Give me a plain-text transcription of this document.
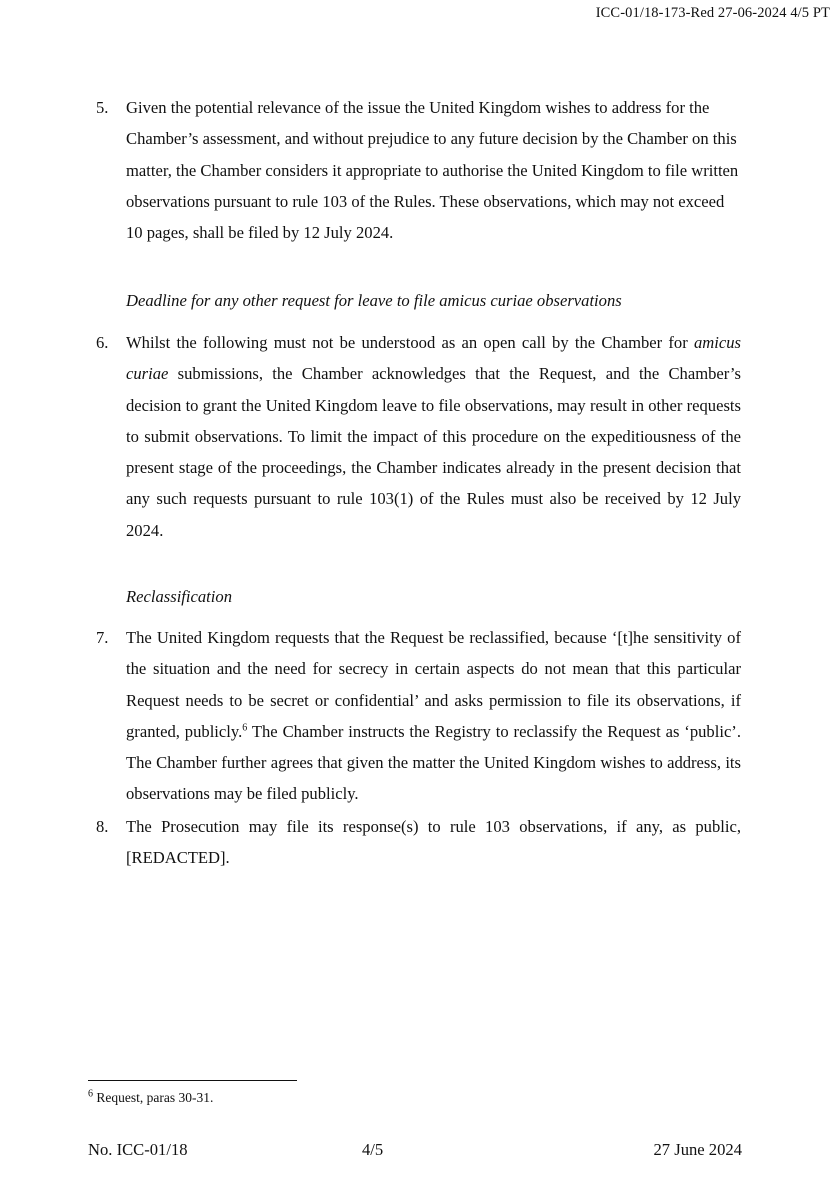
ICC-01/18-173-Red 27-06-2024 4/5 PT
5. Given the potential relevance of the issue the United Kingdom wishes to address for the Chamber’s assessment, and without prejudice to any future decision by the Chamber on this matter, the Chamber considers it appropriate to authorise the United Kingdom to file written observations pursuant to rule 103 of the Rules. These observations, which may not exceed 10 pages, shall be filed by 12 July 2024.
Deadline for any other request for leave to file amicus curiae observations
6. Whilst the following must not be understood as an open call by the Chamber for amicus curiae submissions, the Chamber acknowledges that the Request, and the Chamber’s decision to grant the United Kingdom leave to file observations, may result in other requests to submit observations. To limit the impact of this procedure on the expeditiousness of the present stage of the proceedings, the Chamber indicates already in the present decision that any such requests pursuant to rule 103(1) of the Rules must also be received by 12 July 2024.
Reclassification
7. The United Kingdom requests that the Request be reclassified, because ‘[t]he sensitivity of the situation and the need for secrecy in certain aspects do not mean that this particular Request needs to be secret or confidential’ and asks permission to file its observations, if granted, publicly.$^6$ The Chamber instructs the Registry to reclassify the Request as ‘public’. The Chamber further agrees that given the matter the United Kingdom wishes to address, its observations may be filed publicly.
8. The Prosecution may file its response(s) to rule 103 observations, if any, as public, [REDACTED].
$^6$ Request, paras 30-31.
No. ICC-01/18	4/5	27 June 2024
